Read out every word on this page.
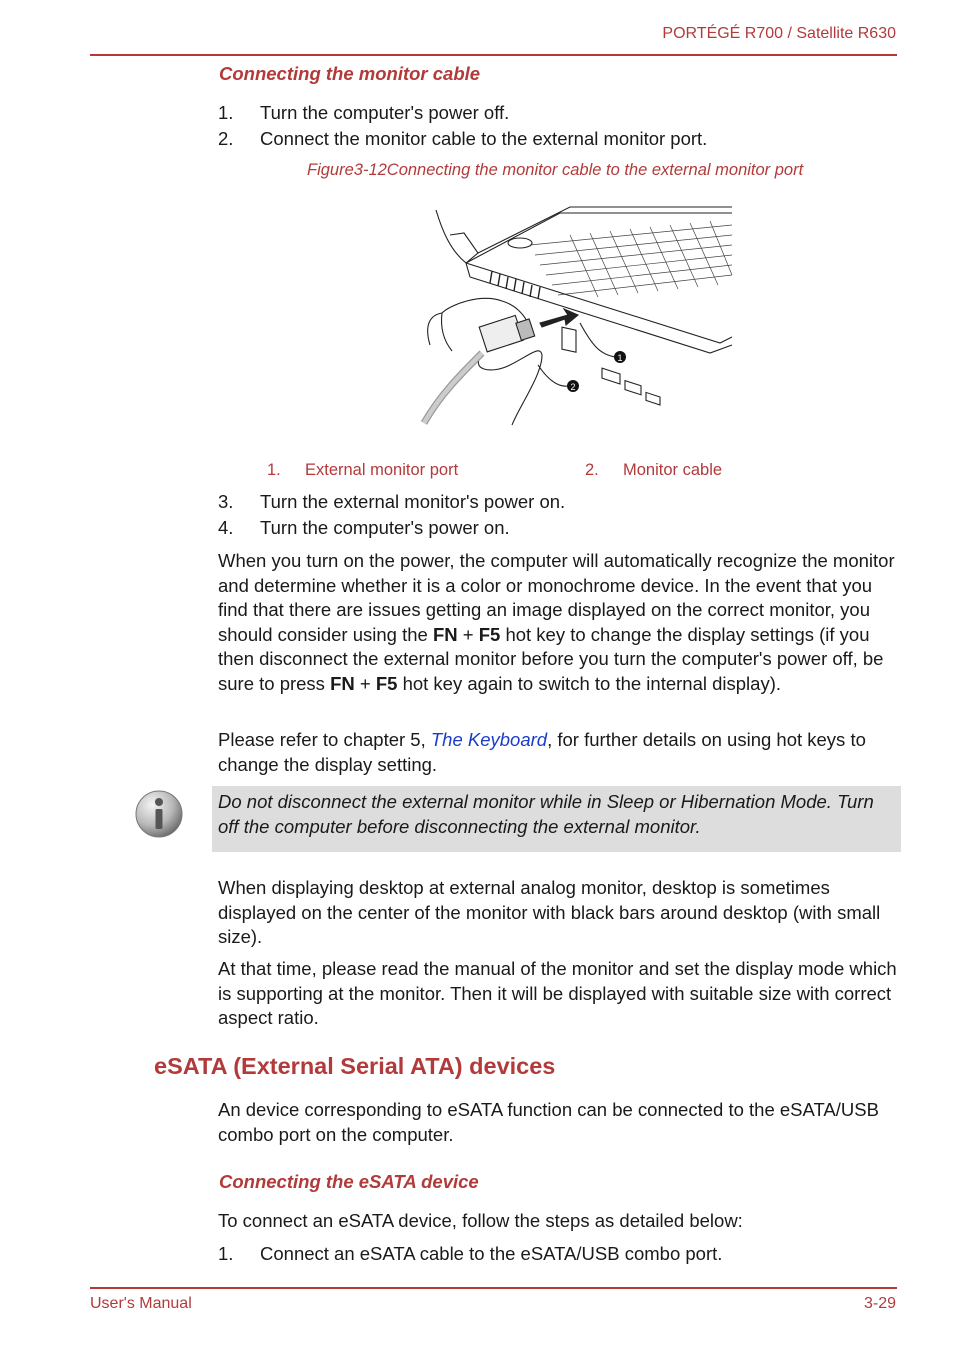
PORTÉGÉ R700 / Satellite R630
Connecting the monitor cable
1. Turn the computer's power off.
2. Connect the monitor cable to the external monitor port.
Figure3-12Connecting the monitor cable to the external monitor port
1
2
1. External monitor port	2. Monitor cable
3. Turn the external monitor's power on.
4. Turn the computer's power on.

When you turn on the power, the computer will automatically recognize the monitor and determine whether it is a color or monochrome device. In the event that you find that there are issues getting an image displayed on the correct monitor, you should consider using the FN + F5 hot key to change the display settings (if you then disconnect the external monitor before you turn the computer's power off, be sure to press FN + F5 hot key again to switch to the internal display).

Please refer to chapter 5, The Keyboard, for further details on using hot keys to change the display setting.

Do not disconnect the external monitor while in Sleep or Hibernation Mode. Turn off the computer before disconnecting the external monitor.

When displaying desktop at external analog monitor, desktop is sometimes displayed on the center of the monitor with black bars around desktop (with small size).

At that time, please read the manual of the monitor and set the display mode which is supporting at the monitor. Then it will be displayed with suitable size with correct aspect ratio.

eSATA (External Serial ATA) devices

An device corresponding to eSATA function can be connected to the eSATA/USB combo port on the computer.

Connecting the eSATA device

To connect an eSATA device, follow the steps as detailed below:

1. Connect an eSATA cable to the eSATA/USB combo port.
User's Manual	3-29
